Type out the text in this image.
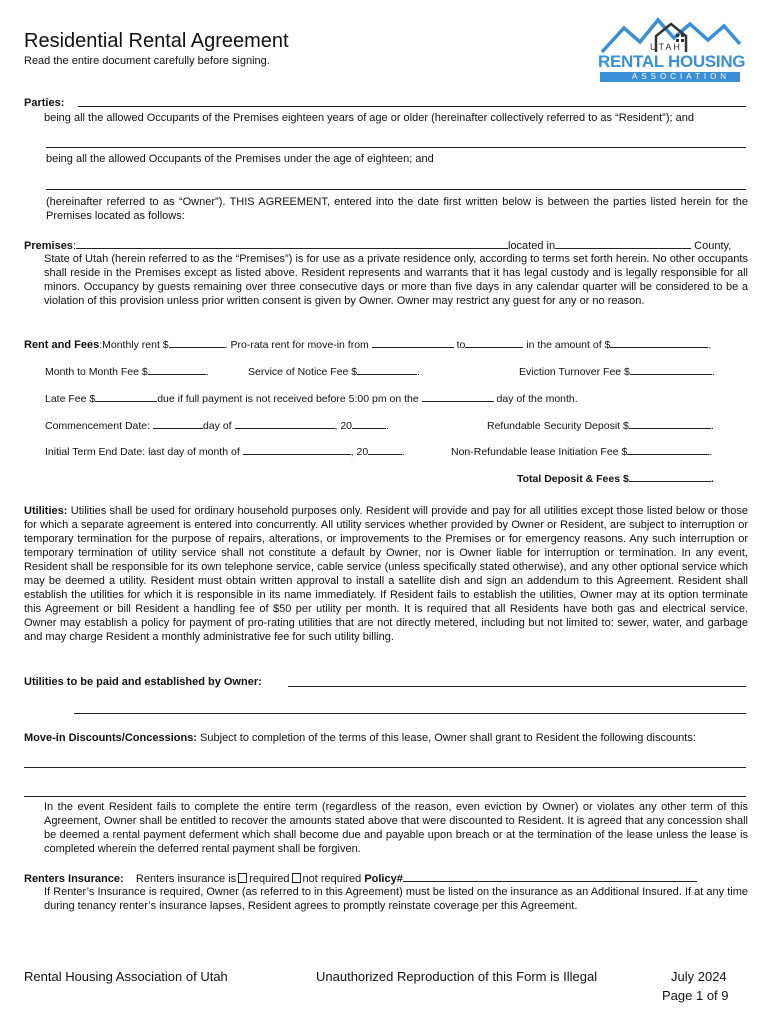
Residential Rental Agreement
Read the entire document carefully before signing.
UTAH
RENTAL HOUSING
ASSOCIATION
Parties:
being all the allowed Occupants of the Premises eighteen years of age or older (hereinafter collectively referred to as “Resident”); and
being all the allowed Occupants of the Premises under the age of eighteen; and
(hereinafter referred to as “Owner”). THIS AGREEMENT, entered into the date first written below is between the parties listed herein for the Premises located as follows:
Premises:	located in	County,
State of Utah (herein referred to as the “Premises”) is for use as a private residence only, according to terms set forth herein. No other occupants shall reside in the Premises except as listed above. Resident represents and warrants that it has legal custody and is legally responsible for all minors. Occupancy by guests remaining over three consecutive days or more than five days in any calendar quarter will be considered to be a violation of this provision unless prior written consent is given by Owner. Owner may restrict any guest for any or no reason.
Rent and Fees:Monthly rent $	. Pro-rata rent for move-in from	to	in the amount of $	.
Month to Month Fee $	.	Service of Notice Fee $	.	Eviction Turnover Fee $	.
Late Fee $	due if full payment is not received before 5:00 pm on the	day of the month.
Commencement Date:	day of	, 20	.	Refundable Security Deposit $	.
Initial Term End Date: last day of month of	, 20	.	Non-Refundable lease Initiation Fee $	.
Total Deposit & Fees $	.
Utilities: Utilities shall be used for ordinary household purposes only. Resident will provide and pay for all utilities except those listed below or those for which a separate agreement is entered into concurrently. All utility services whether provided by Owner or Resident, are subject to interruption or temporary termination for the purpose of repairs, alterations, or improvements to the Premises or for emergency reasons. Any such interruption or temporary termination of utility service shall not constitute a default by Owner, nor is Owner liable for interruption or termination. In any event, Resident shall be responsible for its own telephone service, cable service (unless specifically stated otherwise), and any other optional service which may be deemed a utility. Resident must obtain written approval to install a satellite dish and sign an addendum to this Agreement. Resident shall establish the utilities for which it is responsible in its name immediately. If Resident fails to establish the utilities, Owner may at its option terminate this Agreement or bill Resident a handling fee of $50 per utility per month. It is required that all Residents have both gas and electrical service. Owner may establish a policy for payment of pro-rating utilities that are not directly metered, including but not limited to: sewer, water, and garbage and may charge Resident a monthly administrative fee for such utility billing.
Utilities to be paid and established by Owner:
Move-in Discounts/Concessions: Subject to completion of the terms of this lease, Owner shall grant to Resident the following discounts:
In the event Resident fails to complete the entire term (regardless of the reason, even eviction by Owner) or violates any other term of this Agreement, Owner shall be entitled to recover the amounts stated above that were discounted to Resident. It is agreed that any concession shall be deemed a rental payment deferment which shall become due and payable upon breach or at the termination of the lease unless the lease is completed wherein the deferred rental payment shall be forgiven.
Renters Insurance: Renters insurance is required not required Policy#
If Renter’s Insurance is required, Owner (as referred to in this Agreement) must be listed on the insurance as an Additional Insured. If at any time during tenancy renter’s insurance lapses, Resident agrees to promptly reinstate coverage per this Agreement.
Rental Housing Association of Utah	Unauthorized Reproduction of this Form is Illegal	July 2024
Page 1 of 9
